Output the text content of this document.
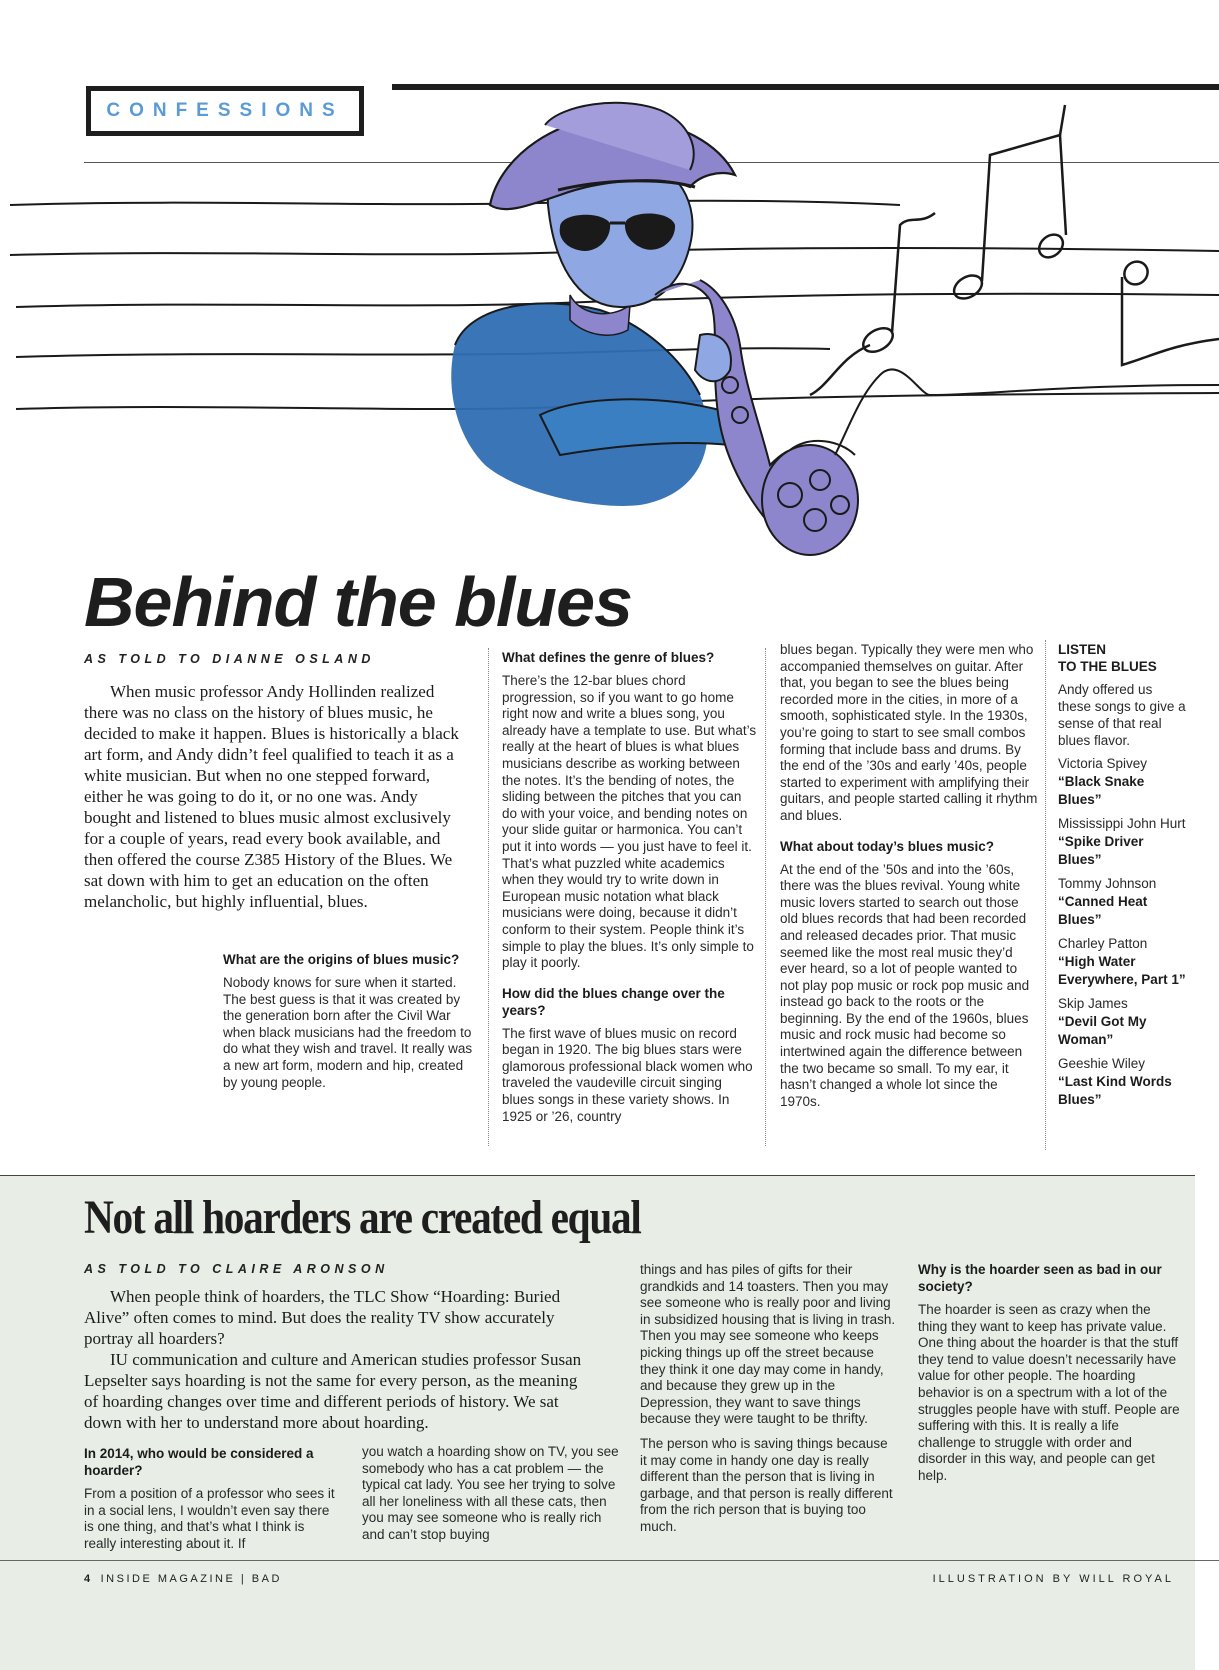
CONFESSIONS
Behind the blues
AS TOLD TO DIANNE OSLAND

When music professor Andy Hollinden realized there was no class on the history of blues music, he decided to make it happen. Blues is historically a black art form, and Andy didn’t feel qualified to teach it as a white musician. But when no one stepped forward, either he was going to do it, or no one was. Andy bought and listened to blues music almost exclusively for a couple of years, read every book available, and then offered the course Z385 History of the Blues. We sat down with him to get an education on the often melancholic, but highly influential, blues.

What are the origins of blues music?

Nobody knows for sure when it started. The best guess is that it was created by the generation born after the Civil War when black musicians had the freedom to do what they wish and travel. It really was a new art form, modern and hip, created by young people.

What defines the genre of blues?

There’s the 12-bar blues chord progression, so if you want to go home right now and write a blues song, you already have a template to use. But what’s really at the heart of blues is what blues musicians describe as working between the notes. It’s the bending of notes, the sliding between the pitches that you can do with your voice, and bending notes on your slide guitar or harmonica. You can’t put it into words — you just have to feel it. That’s what puzzled white academics when they would try to write down in European music notation what black musicians were doing, because it didn’t conform to their system. People think it’s simple to play the blues. It’s only simple to play it poorly.

How did the blues change over the years?

The first wave of blues music on record began in 1920. The big blues stars were glamorous professional black women who traveled the vaudeville circuit singing blues songs in these variety shows. In 1925 or ’26, country

blues began. Typically they were men who accompanied themselves on guitar. After that, you began to see the blues being recorded more in the cities, in more of a smooth, sophisticated style. In the 1930s, you’re going to start to see small combos forming that include bass and drums. By the end of the ’30s and early ’40s, people started to experiment with amplifying their guitars, and people started calling it rhythm and blues.

What about today’s blues music?

At the end of the ’50s and into the ’60s, there was the blues revival. Young white music lovers started to search out those old blues records that had been recorded and released decades prior. That music seemed like the most real music they’d ever heard, so a lot of people wanted to not play pop music or rock pop music and instead go back to the roots or the beginning. By the end of the 1960s, blues music and rock music had become so intertwined again the difference between the two became so small. To my ear, it hasn’t changed a whole lot since the 1970s.

LISTEN

TO THE BLUES

Andy offered us these songs to give a sense of that real blues flavor.

Victoria Spivey
“Black Snake Blues”
Mississippi John Hurt “Spike Driver Blues”
Tommy Johnson
“Canned Heat Blues”
Charley Patton
“High Water Everywhere, Part 1”
Skip James
“Devil Got My Woman”
Geeshie Wiley
“Last Kind Words Blues”
Not all hoarders are created equal
AS TOLD TO CLAIRE ARONSON

When people think of hoarders, the TLC Show “Hoarding: Buried Alive” often comes to mind. But does the reality TV show accurately portray all hoarders?

IU communication and culture and American studies professor Susan Lepselter says hoarding is not the same for every person, as the meaning of hoarding changes over time and different periods of history. We sat down with her to understand more about hoarding.

In 2014, who would be considered a hoarder?

From a position of a professor who sees it in a social lens, I wouldn’t even say there is one thing, and that’s what I think is really interesting about it. If

you watch a hoarding show on TV, you see somebody who has a cat problem — the typical cat lady. You see her trying to solve all her loneliness with all these cats, then you may see someone who is really rich and can’t stop buying

things and has piles of gifts for their grandkids and 14 toasters. Then you may see someone who is really poor and living in subsidized housing that is living in trash. Then you may see someone who keeps picking things up off the street because they think it one day may come in handy, and because they grew up in the Depression, they want to save things because they were taught to be thrifty.

The person who is saving things because it may come in handy one day is really different than the person that is living in garbage, and that person is really different from the rich person that is buying too much.

Why is the hoarder seen as bad in our society?

The hoarder is seen as crazy when the thing they want to keep has private value. One thing about the hoarder is that the stuff they tend to value doesn’t necessarily have value for other people. The hoarding behavior is on a spectrum with a lot of the struggles people have with stuff. People are suffering with this. It is really a life challenge to struggle with order and disorder in this way, and people can get help.

4 INSIDE MAGAZINE | BAD	ILLUSTRATION BY WILL ROYAL
